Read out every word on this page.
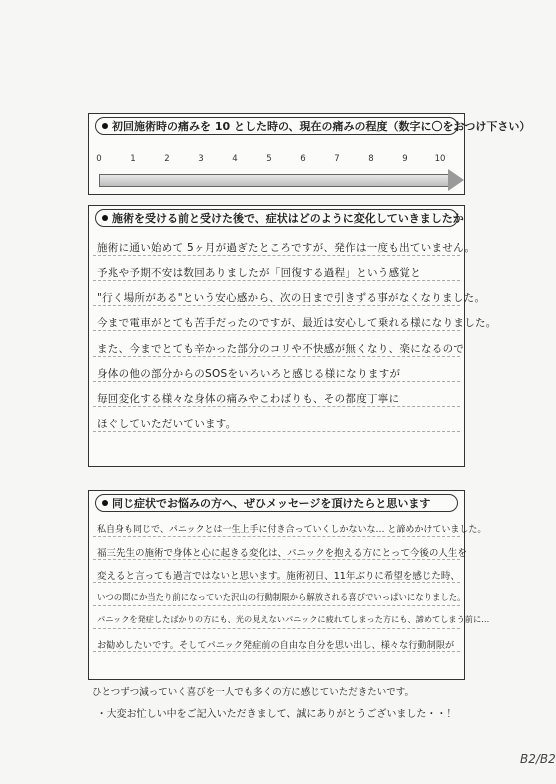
初回施術時の痛みを 10 とした時の、現在の痛みの程度（数字に〇をおつけ下さい）
0	1	2	3	4	5	6	7	8	9	10
施術を受ける前と受けた後で、症状はどのように変化していきましたか
施術に通い始めて 5ヶ月が過ぎたところですが、発作は一度も出ていません。
予兆や予期不安は数回ありましたが「回復する過程」という感覚と
"行く場所がある"という安心感から、次の日まで引きずる事がなくなりました。
今まで電車がとても苦手だったのですが、最近は安心して乗れる様になりました。
また、今までとても辛かった部分のコリや不快感が無くなり、楽になるので
身体の他の部分からのSOSをいろいろと感じる様になりますが
毎回変化する様々な身体の痛みやこわばりも、その都度丁寧に
ほぐしていただいています。
同じ症状でお悩みの方へ、ぜひメッセージを頂けたらと思います
私自身も同じで、パニックとは一生上手に付き合っていくしかないな… と諦めかけていました。
福三先生の施術で身体と心に起きる変化は、パニックを抱える方にとって今後の人生を
変えると言っても過言ではないと思います。施術初日、11年ぶりに希望を感じた時、
いつの間にか当たり前になっていた沢山の行動制限から解放される喜びでいっぱいになりました。
パニックを発症したばかりの方にも、光の見えないパニックに疲れてしまった方にも、諦めてしまう前に…
お勧めしたいです。そしてパニック発症前の自由な自分を思い出し、様々な行動制限が
ひとつずつ減っていく喜びを一人でも多くの方に感じていただきたいです。
・大変お忙しい中をご記入いただきまして、誠にありがとうございました・・！
B2/B2
